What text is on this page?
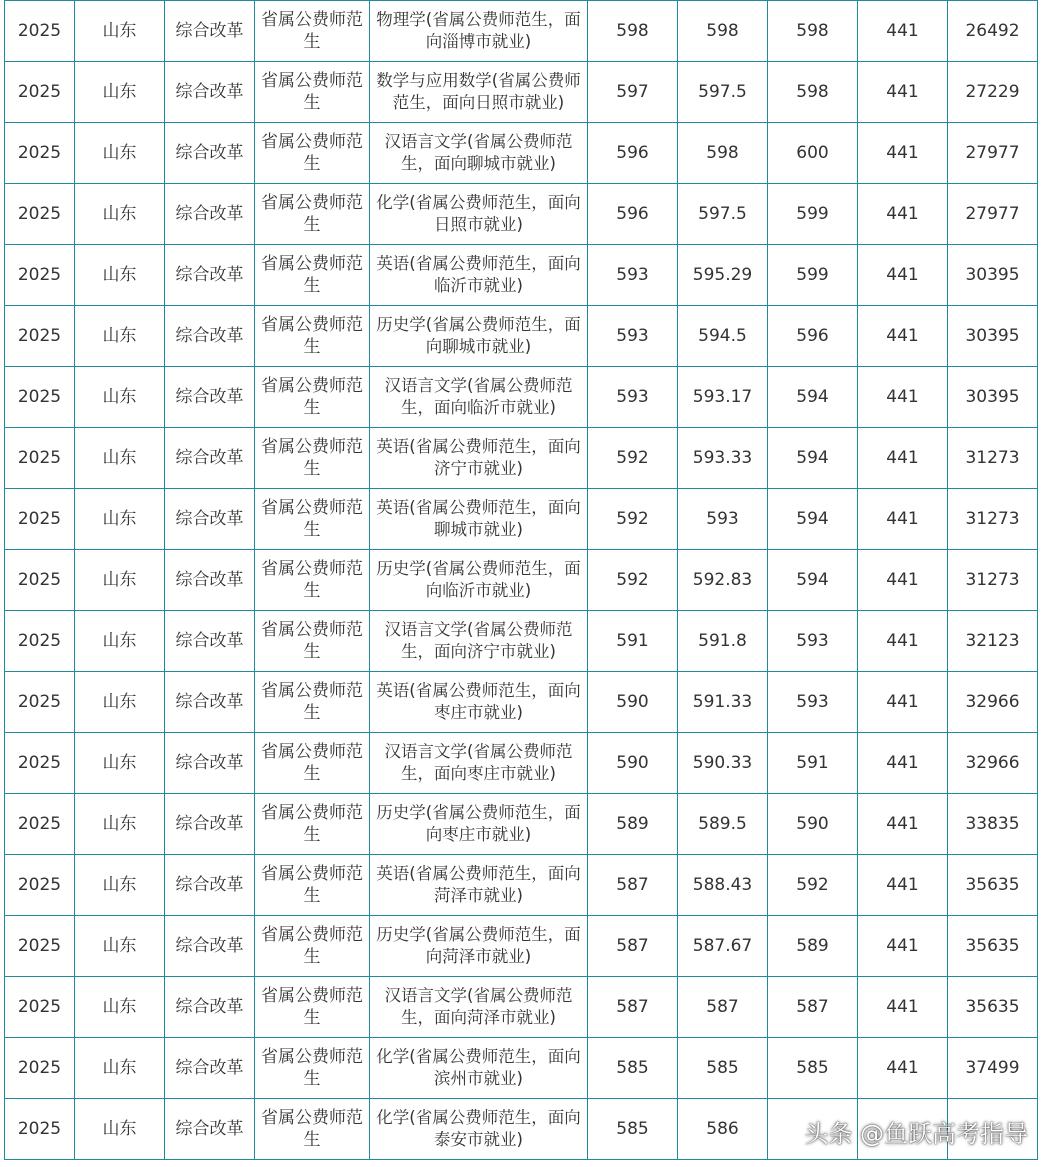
2025	山东	综合改革	省属公费师范生	物理学(省属公费师范生，面向淄博市就业)	598	598	598	441	26492
2025	山东	综合改革	省属公费师范生	数学与应用数学(省属公费师范生，面向日照市就业)	597	597.5	598	441	27229
2025	山东	综合改革	省属公费师范生	汉语言文学(省属公费师范生，面向聊城市就业)	596	598	600	441	27977
2025	山东	综合改革	省属公费师范生	化学(省属公费师范生，面向日照市就业)	596	597.5	599	441	27977
2025	山东	综合改革	省属公费师范生	英语(省属公费师范生，面向临沂市就业)	593	595.29	599	441	30395
2025	山东	综合改革	省属公费师范生	历史学(省属公费师范生，面向聊城市就业)	593	594.5	596	441	30395
2025	山东	综合改革	省属公费师范生	汉语言文学(省属公费师范生，面向临沂市就业)	593	593.17	594	441	30395
2025	山东	综合改革	省属公费师范生	英语(省属公费师范生，面向济宁市就业)	592	593.33	594	441	31273
2025	山东	综合改革	省属公费师范生	英语(省属公费师范生，面向聊城市就业)	592	593	594	441	31273
2025	山东	综合改革	省属公费师范生	历史学(省属公费师范生，面向临沂市就业)	592	592.83	594	441	31273
2025	山东	综合改革	省属公费师范生	汉语言文学(省属公费师范生，面向济宁市就业)	591	591.8	593	441	32123
2025	山东	综合改革	省属公费师范生	英语(省属公费师范生，面向枣庄市就业)	590	591.33	593	441	32966
2025	山东	综合改革	省属公费师范生	汉语言文学(省属公费师范生，面向枣庄市就业)	590	590.33	591	441	32966
2025	山东	综合改革	省属公费师范生	历史学(省属公费师范生，面向枣庄市就业)	589	589.5	590	441	33835
2025	山东	综合改革	省属公费师范生	英语(省属公费师范生，面向菏泽市就业)	587	588.43	592	441	35635
2025	山东	综合改革	省属公费师范生	历史学(省属公费师范生，面向菏泽市就业)	587	587.67	589	441	35635
2025	山东	综合改革	省属公费师范生	汉语言文学(省属公费师范生，面向菏泽市就业)	587	587	587	441	35635
2025	山东	综合改革	省属公费师范生	化学(省属公费师范生，面向滨州市就业)	585	585	585	441	37499
2025	山东	综合改革	省属公费师范生	化学(省属公费师范生，面向泰安市就业)	585	586				头条 @鱼跃高考指导
